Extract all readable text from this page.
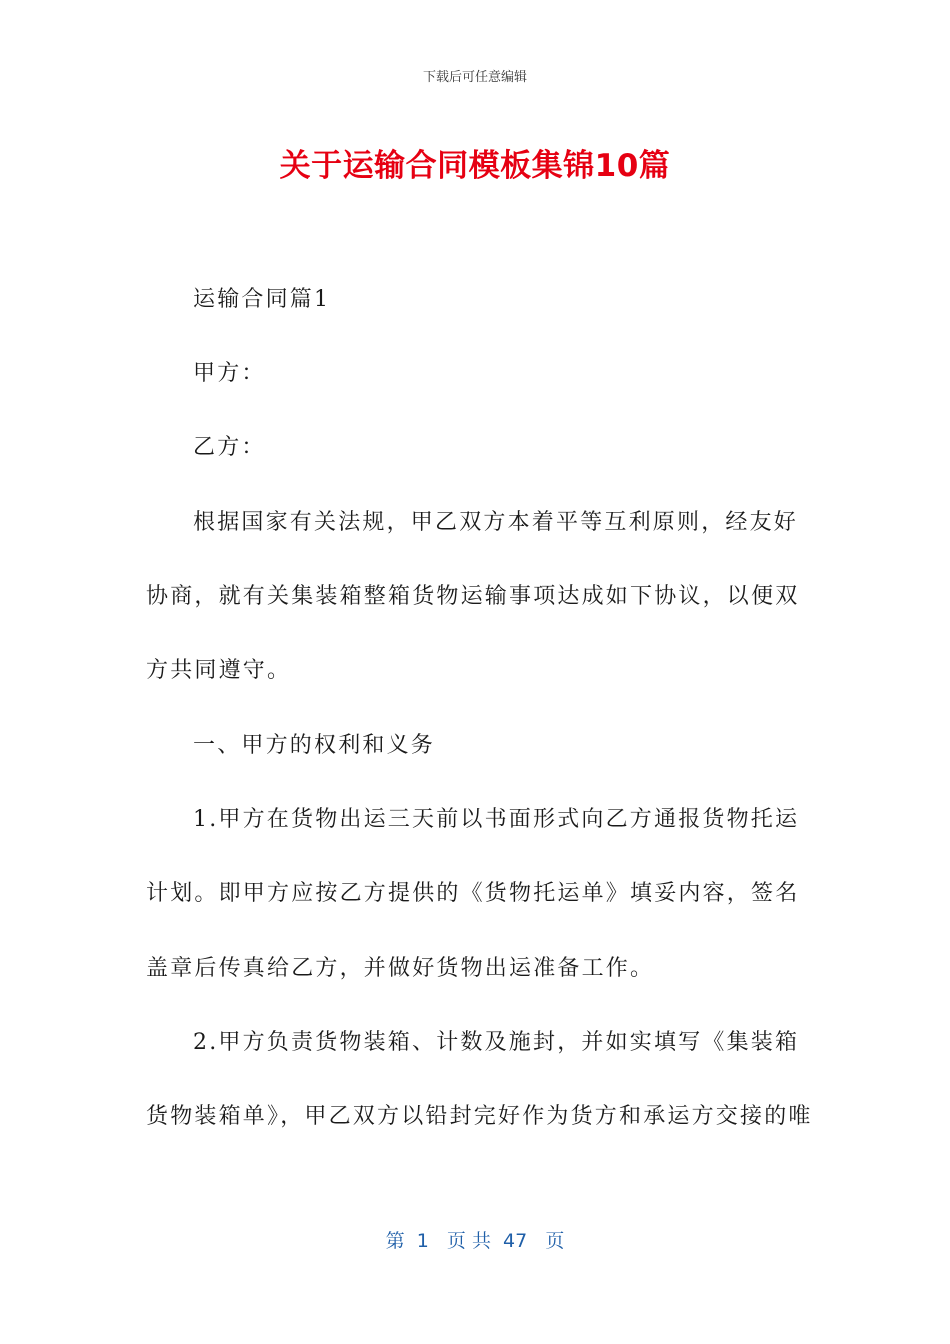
下载后可任意编辑
关于运输合同模板集锦10篇
运输合同篇1
甲方：
乙方：
根据国家有关法规，甲乙双方本着平等互利原则，经友好
协商，就有关集装箱整箱货物运输事项达成如下协议，以便双
方共同遵守。
一、甲方的权利和义务
1.甲方在货物出运三天前以书面形式向乙方通报货物托运
计划。即甲方应按乙方提供的《货物托运单》填妥内容，签名
盖章后传真给乙方，并做好货物出运准备工作。
2.甲方负责货物装箱、计数及施封，并如实填写《集装箱
货物装箱单》，甲乙双方以铅封完好作为货方和承运方交接的唯
第  1   页 共  47   页
